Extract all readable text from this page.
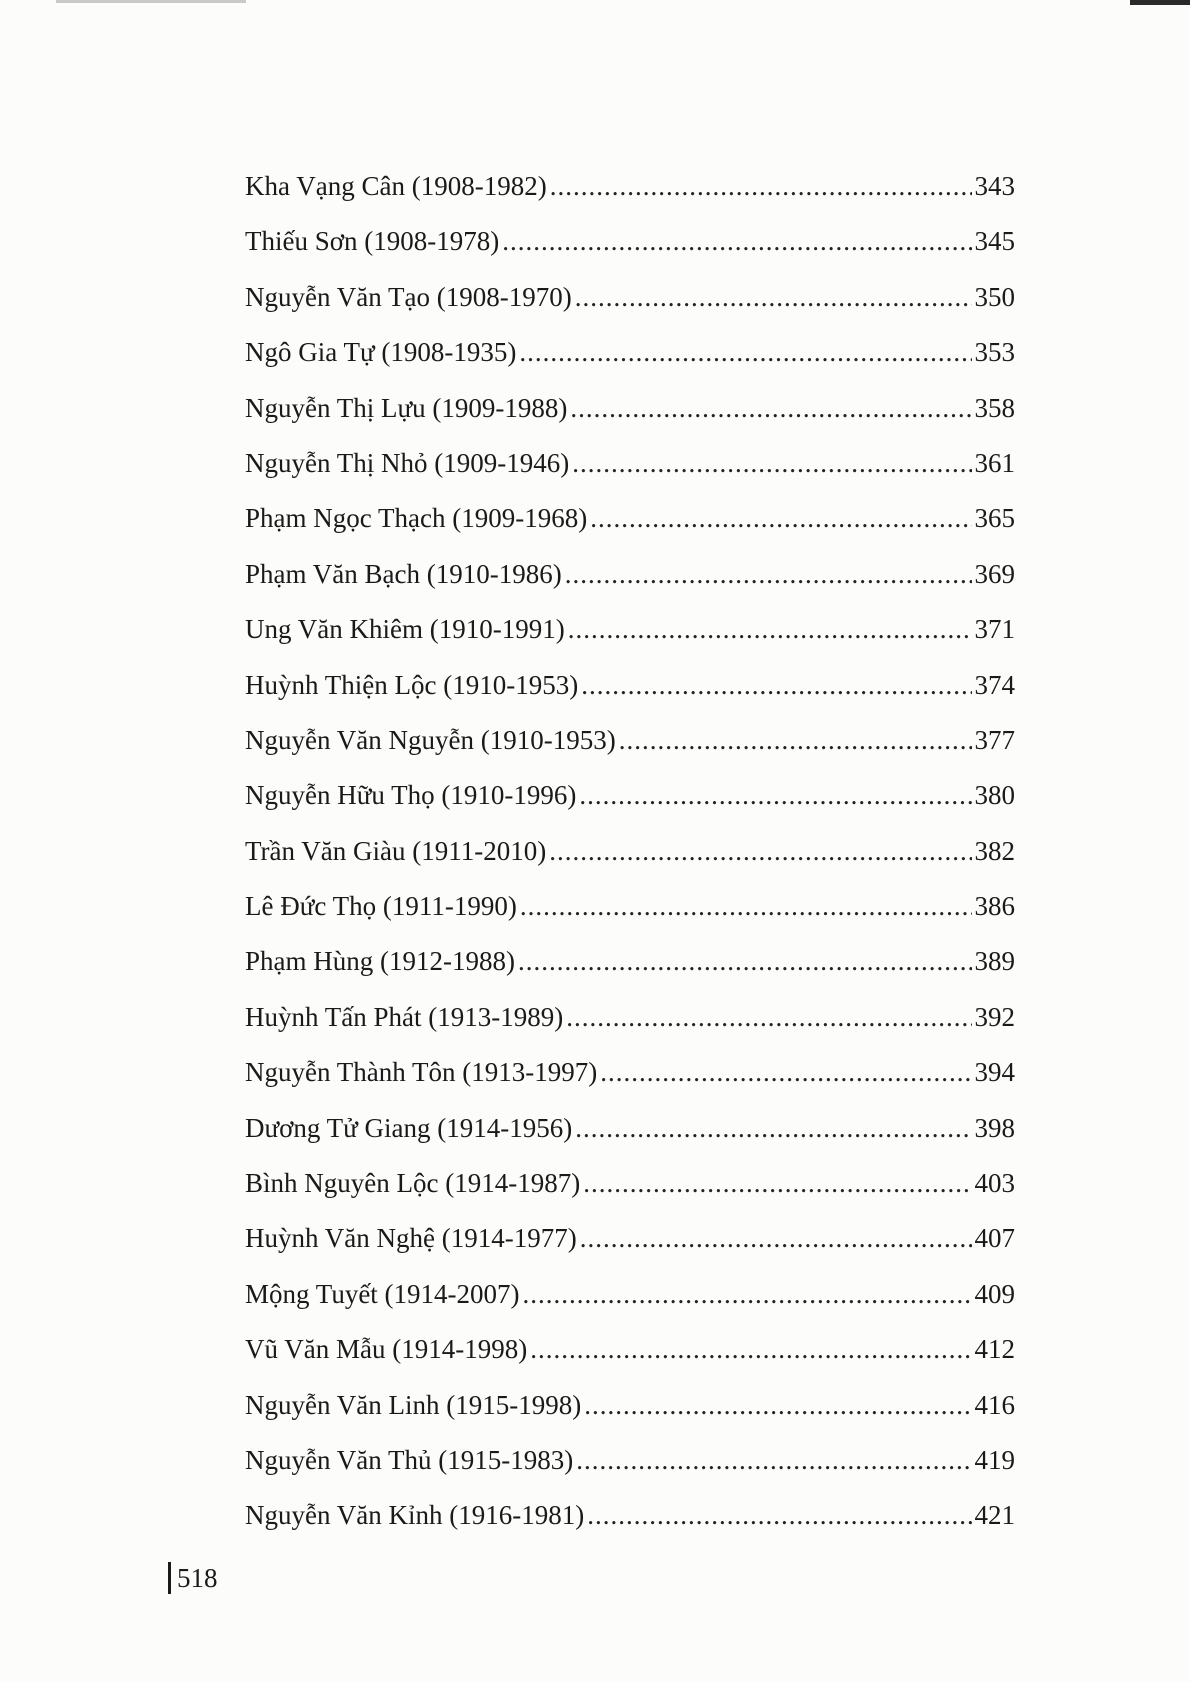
Kha Vạng Cân (1908-1982) .....	343
Thiếu Sơn (1908-1978) .....	345
Nguyễn Văn Tạo (1908-1970) .....	350
Ngô Gia Tự (1908-1935) .....	353
Nguyễn Thị Lựu (1909-1988) .....	358
Nguyễn Thị Nhỏ (1909-1946) .....	361
Phạm Ngọc Thạch (1909-1968) .....	365
Phạm Văn Bạch (1910-1986) .....	369
Ung Văn Khiêm (1910-1991) .....	371
Huỳnh Thiện Lộc (1910-1953) .....	374
Nguyễn Văn Nguyễn (1910-1953) .....	377
Nguyễn Hữu Thọ (1910-1996) .....	380
Trần Văn Giàu (1911-2010) .....	382
Lê Đức Thọ (1911-1990) .....	386
Phạm Hùng (1912-1988) .....	389
Huỳnh Tấn Phát (1913-1989) .....	392
Nguyễn Thành Tôn (1913-1997) .....	394
Dương Tử Giang (1914-1956) .....	398
Bình Nguyên Lộc (1914-1987) .....	403
Huỳnh Văn Nghệ (1914-1977) .....	407
Mộng Tuyết (1914-2007) .....	409
Vũ Văn Mẫu (1914-1998) .....	412
Nguyễn Văn Linh (1915-1998) .....	416
Nguyễn Văn Thủ (1915-1983) .....	419
Nguyễn Văn Kỉnh (1916-1981) .....	421
518
